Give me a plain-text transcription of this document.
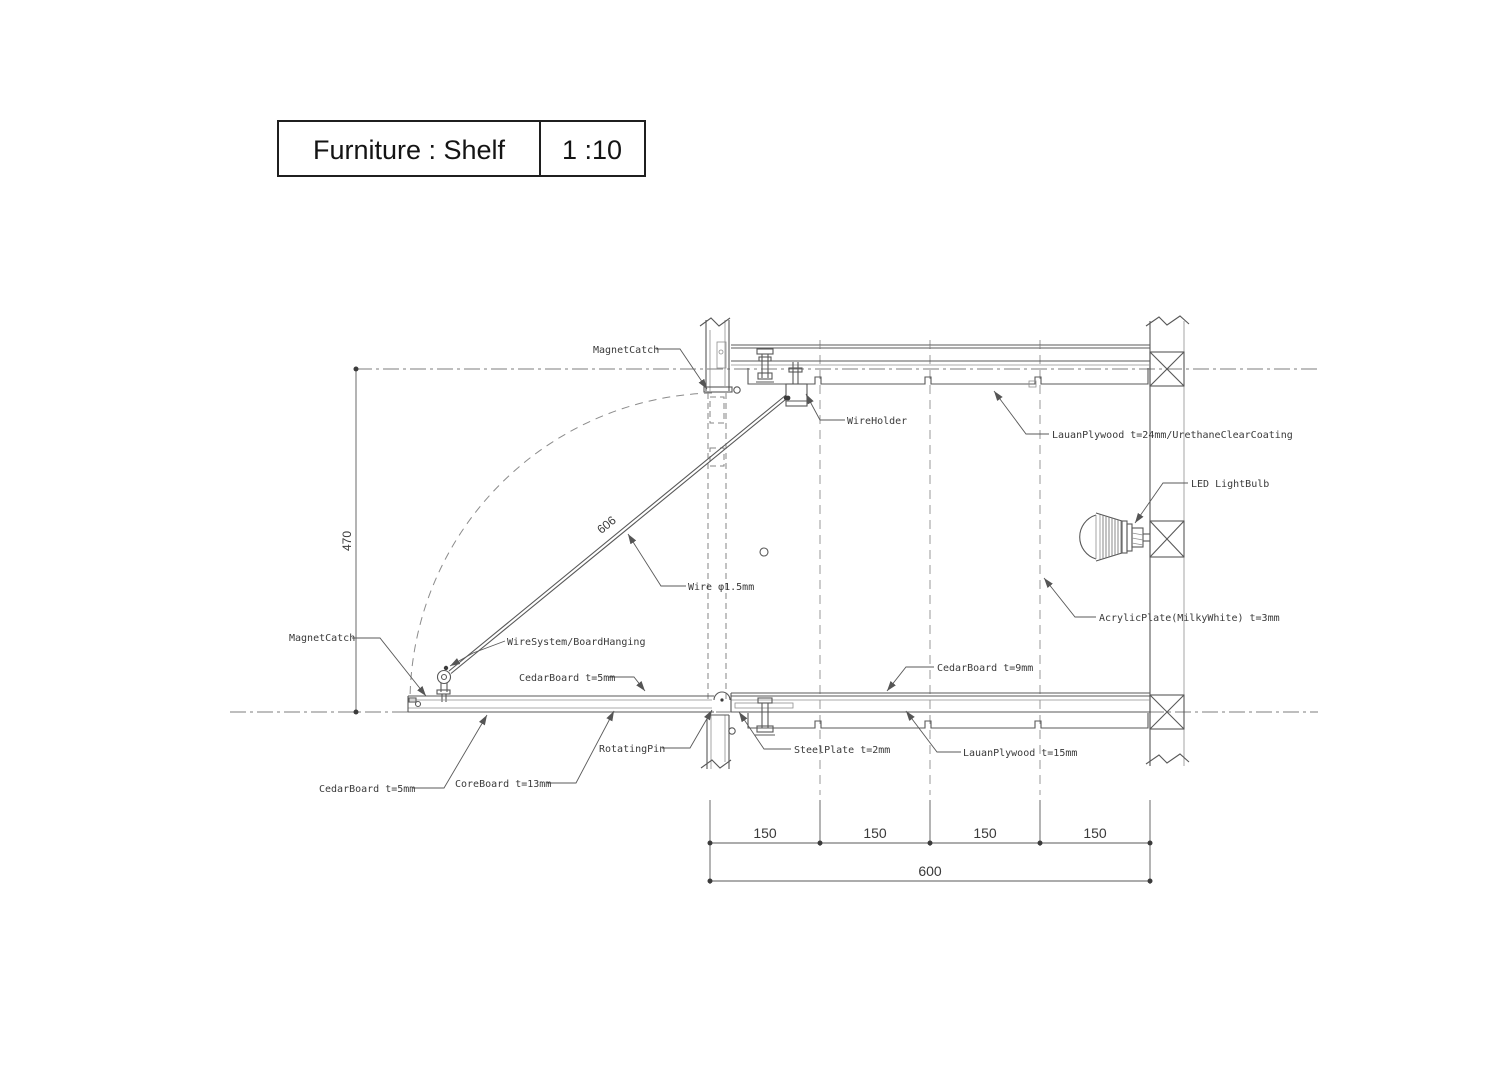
Furniture : Shelf 1 :10
MagnetCatch
WireHolder
LauanPlywood t=24mm/UrethaneClearCoating
LED LightBulb
Wire φ1.5mm
AcrylicPlate(MilkyWhite) t=3mm
MagnetCatch	WireSystem/BoardHanging
CedarBoard t=5mm
CedarBoard t=9mm
RotatingPin	SteelPlate t=2mm	LauanPlywood t=15mm
CedarBoard t=5mm	CoreBoard t=13mm
470
606
150	150	150	150
600
